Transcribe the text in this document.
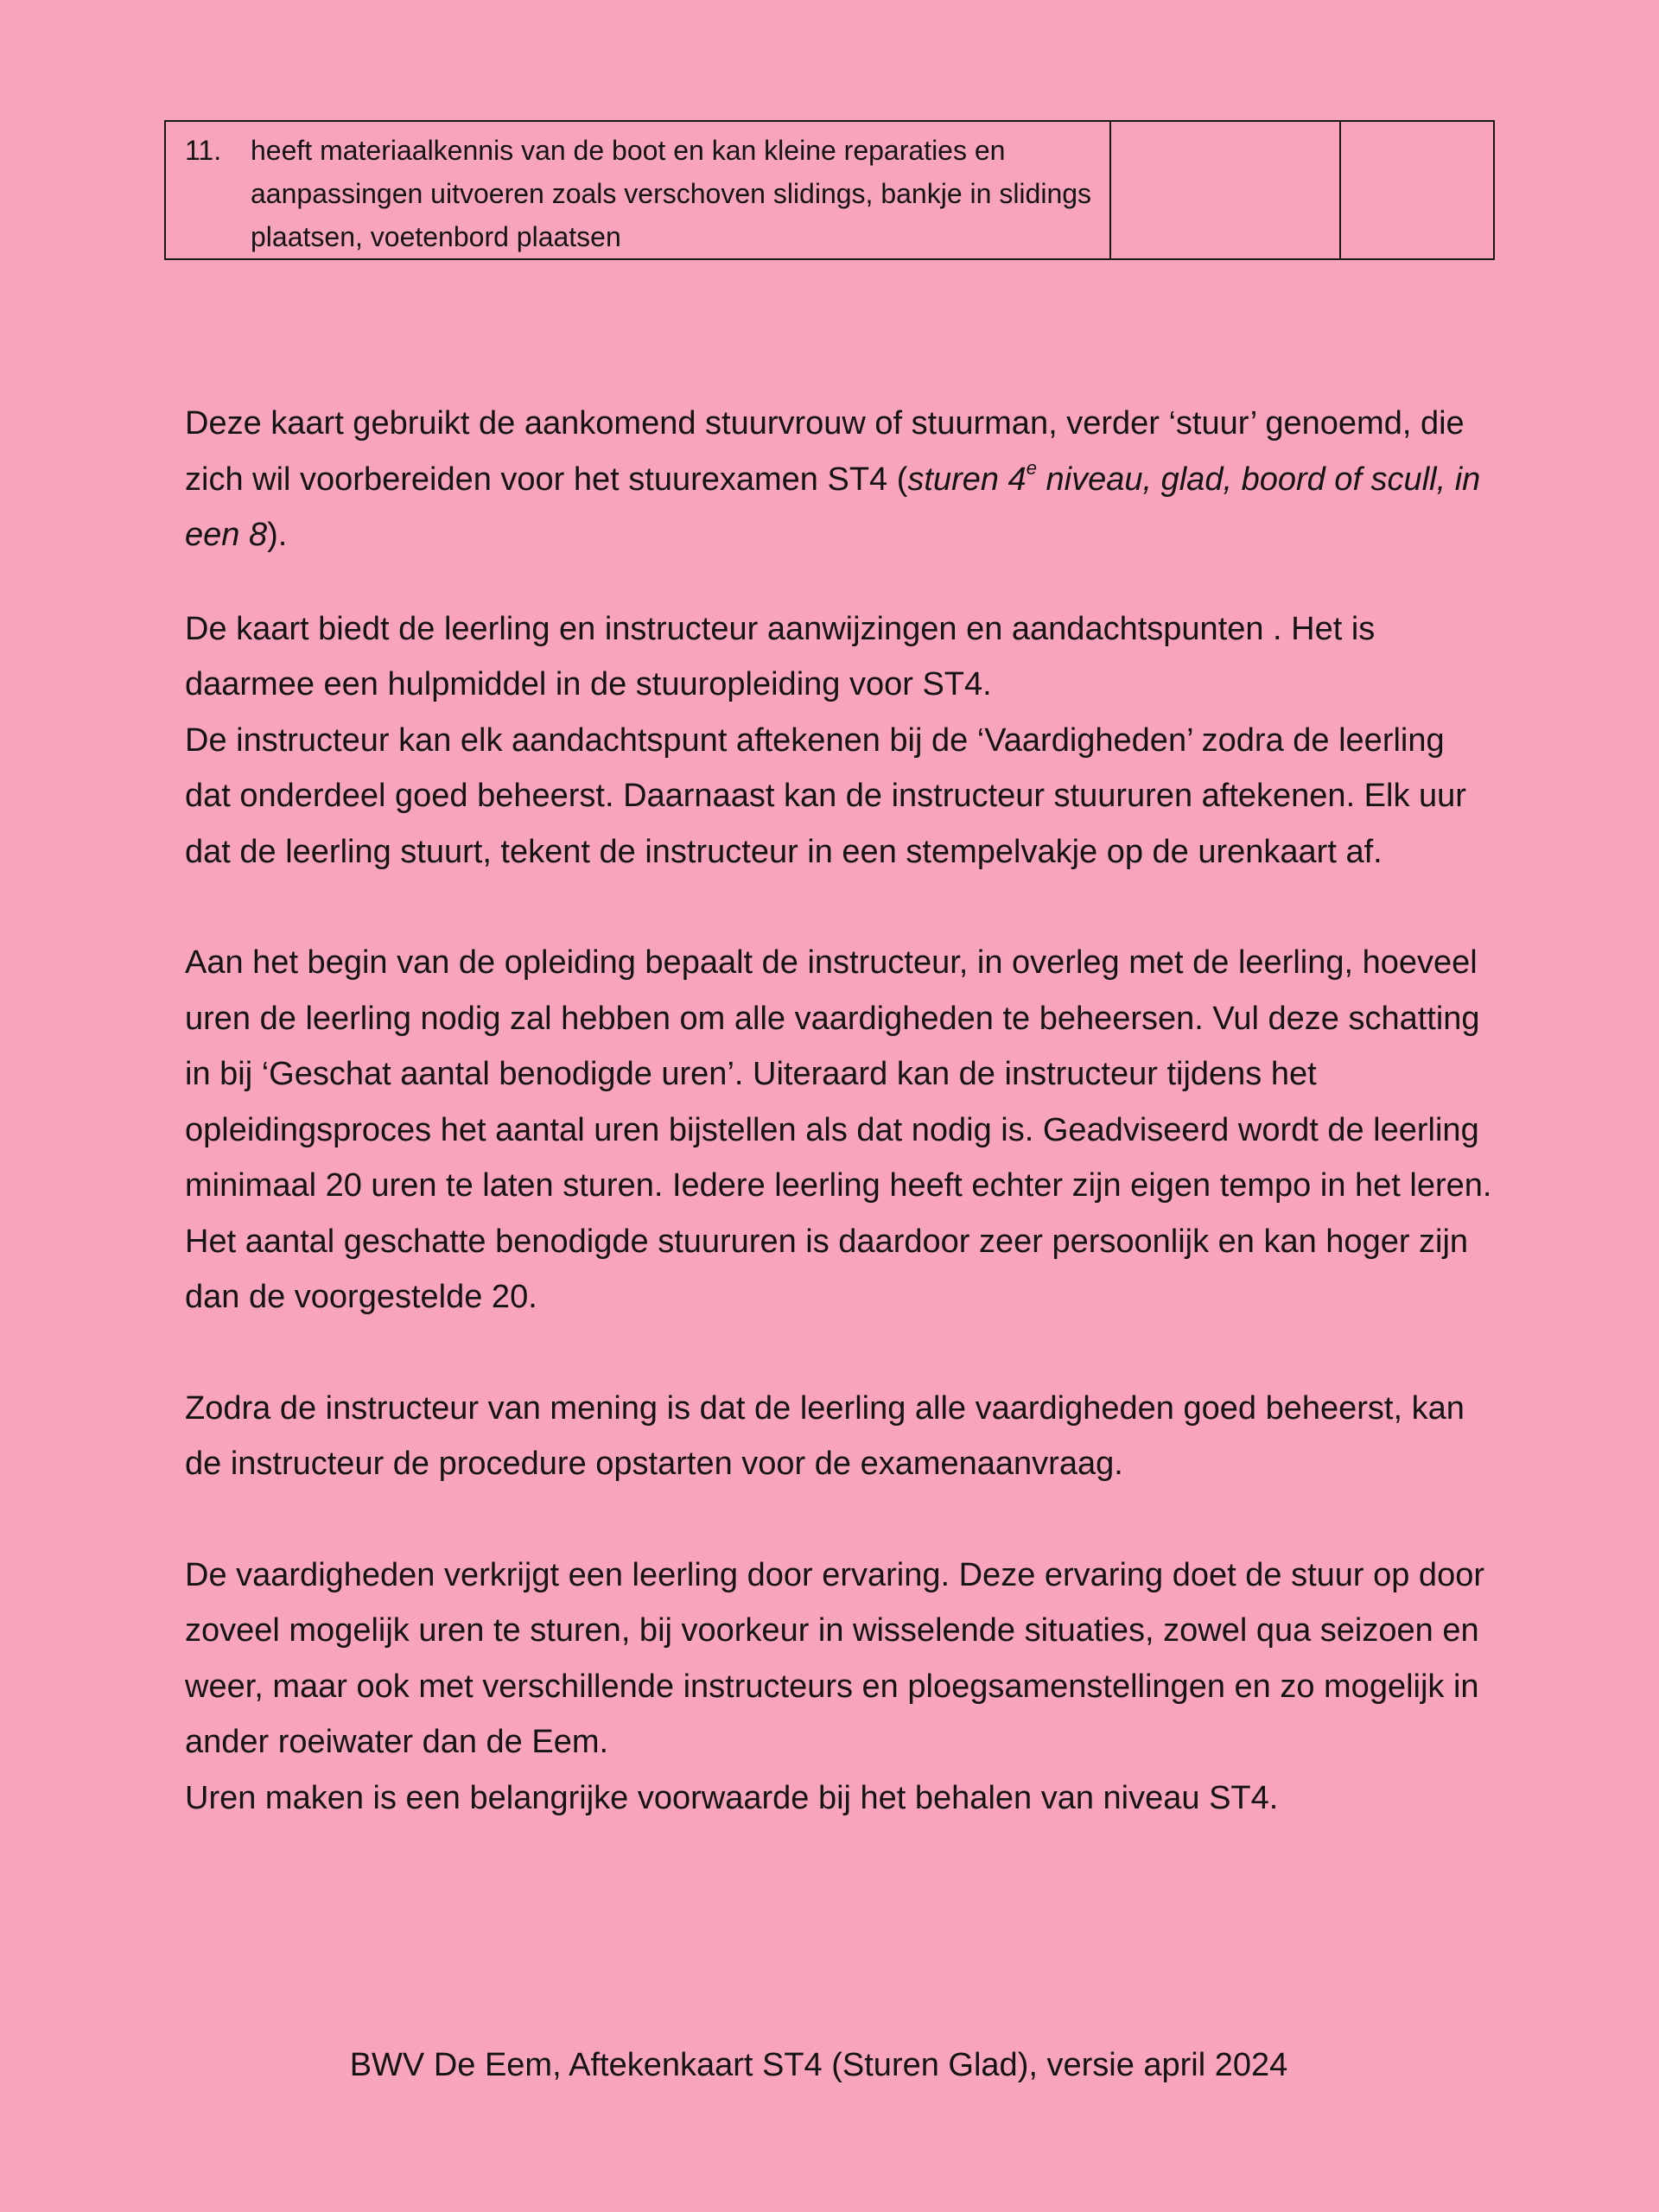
11.	heeft materiaalkennis van de boot en kan kleine reparaties en aanpassingen uitvoeren zoals verschoven slidings, bankje in slidings plaatsen, voetenbord plaatsen

Deze kaart gebruikt de aankomend stuurvrouw of stuurman, verder ‘stuur’ genoemd, die zich wil voorbereiden voor het stuurexamen ST4 (sturen 4e niveau, glad, boord of scull, in een 8).

De kaart biedt de leerling en instructeur aanwijzingen en aandachtspunten . Het is daarmee een hulpmiddel in de stuuropleiding voor ST4.

De instructeur kan elk aandachtspunt aftekenen bij de ‘Vaardigheden’ zodra de leerling dat onderdeel goed beheerst. Daarnaast kan de instructeur stuururen aftekenen. Elk uur dat de leerling stuurt, tekent de instructeur in een stempelvakje op de urenkaart af.

Aan het begin van de opleiding bepaalt de instructeur, in overleg met de leerling, hoeveel uren de leerling nodig zal hebben om alle vaardigheden te beheersen. Vul deze schatting in bij ‘Geschat aantal benodigde uren’. Uiteraard kan de instructeur tijdens het opleidingsproces het aantal uren bijstellen als dat nodig is. Geadviseerd wordt de leerling minimaal 20 uren te laten sturen. Iedere leerling heeft echter zijn eigen tempo in het leren. Het aantal geschatte benodigde stuururen is daardoor zeer persoonlijk en kan hoger zijn dan de voorgestelde 20.

Zodra de instructeur van mening is dat de leerling alle vaardigheden goed beheerst, kan de instructeur de procedure opstarten voor de examenaanvraag.

De vaardigheden verkrijgt een leerling door ervaring. Deze ervaring doet de stuur op door zoveel mogelijk uren te sturen, bij voorkeur in wisselende situaties, zowel qua seizoen en weer, maar ook met verschillende instructeurs en ploegsamenstellingen en zo mogelijk in ander roeiwater dan de Eem.

Uren maken is een belangrijke voorwaarde bij het behalen van niveau ST4.

BWV De Eem, Aftekenkaart ST4 (Sturen Glad), versie april 2024
